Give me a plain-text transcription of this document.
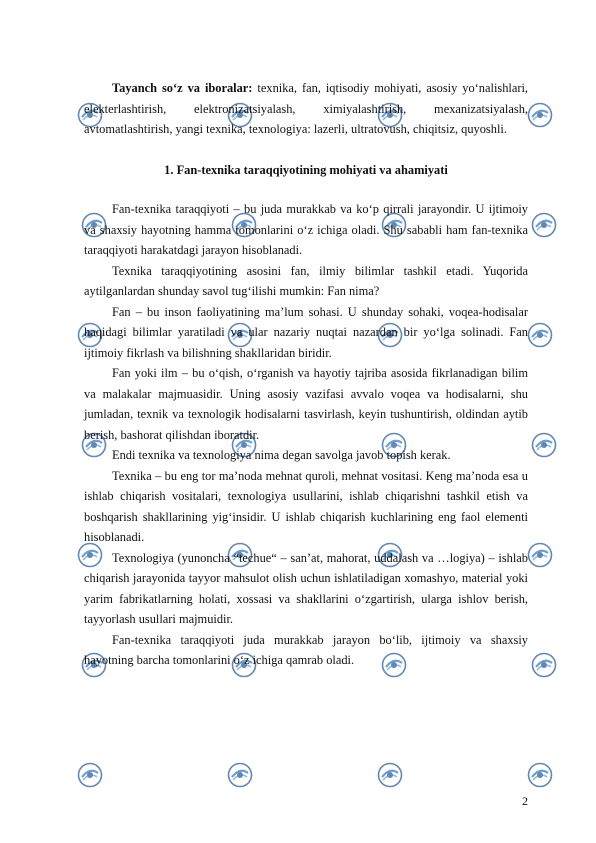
Tayanch so‘z va iboralar: texnika, fan, iqtisodiy mohiyati, asosiy yo‘nalishlari, elekterlashtirish, elektronizatsiyalash, ximiyalashtirish, mexanizatsiyalash, avtomatlashtirish, yangi texnika, texnologiya: lazerli, ultratovush, chiqitsiz, quyoshli.

1. Fan-texnika taraqqiyotining mohiyati va ahamiyati

Fan-texnika taraqqiyoti – bu juda murakkab va ko‘p qirrali jarayondir. U ijtimoiy va shaxsiy hayotning hamma tomonlarini o‘z ichiga oladi. Shu sababli ham fan-texnika taraqqiyoti harakatdagi jarayon hisoblanadi.

Texnika taraqqiyotining asosini fan, ilmiy bilimlar tashkil etadi. Yuqorida aytilganlardan shunday savol tug‘ilishi mumkin: Fan nima?

Fan – bu inson faoliyatining ma’lum sohasi. U shunday sohaki, voqea-hodisalar haqidagi bilimlar yaratiladi va ular nazariy nuqtai nazardan bir yo‘lga solinadi. Fan ijtimoiy fikrlash va bilishning shakllaridan biridir.

Fan yoki ilm – bu o‘qish, o‘rganish va hayotiy tajriba asosida fikrlanadigan bilim va malakalar majmuasidir. Uning asosiy vazifasi avvalo voqea va hodisalarni, shu jumladan, texnik va texnologik hodisalarni tasvirlash, keyin tushuntirish, oldindan aytib berish, bashorat qilishdan iboratdir.

Endi texnika va texnologiya nima degan savolga javob topish kerak.

Texnika – bu eng tor ma’noda mehnat quroli, mehnat vositasi. Keng ma’noda esa u ishlab chiqarish vositalari, texnologiya usullarini, ishlab chiqarishni tashkil etish va boshqarish shakllarining yig‘insidir. U ishlab chiqarish kuchlarining eng faol elementi hisoblanadi.

Texnologiya (yunoncha “techue“ – san’at, mahorat, uddalash va …logiya) – ishlab chiqarish jarayonida tayyor mahsulot olish uchun ishlatiladigan xomashyo, material yoki yarim fabrikatlarning holati, xossasi va shakllarini o‘zgartirish, ularga ishlov berish, tayyorlash usullari majmuidir.

Fan-texnika taraqqiyoti juda murakkab jarayon bo‘lib, ijtimoiy va shaxsiy hayotning barcha tomonlarini o‘z ichiga qamrab oladi.

2
